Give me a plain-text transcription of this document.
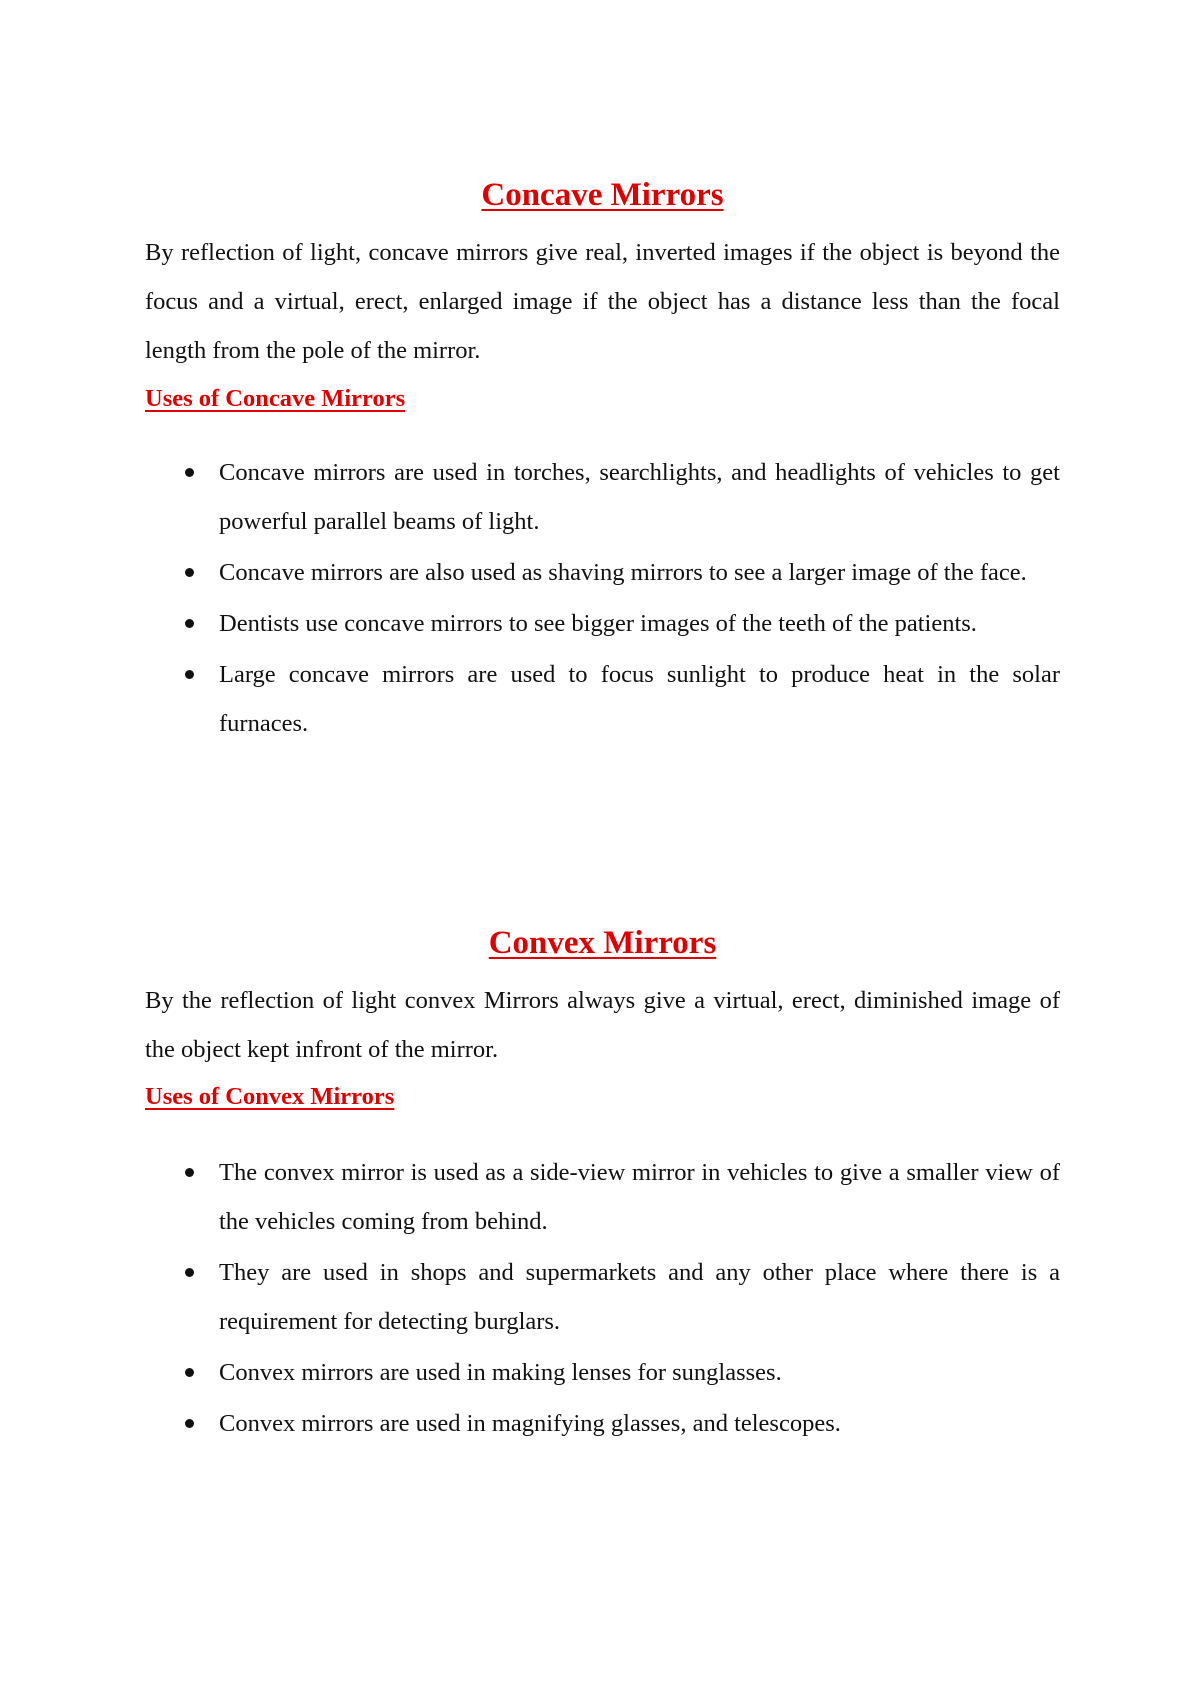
Concave Mirrors

By reflection of light, concave mirrors give real, inverted images if the object is beyond the focus and a virtual, erect, enlarged image if the object has a distance less than the focal length from the pole of the mirror.

Uses of Concave Mirrors
Concave mirrors are used in torches, searchlights, and headlights of vehicles to get powerful parallel beams of light.
Concave mirrors are also used as shaving mirrors to see a larger image of the face.
Dentists use concave mirrors to see bigger images of the teeth of the patients.
Large concave mirrors are used to focus sunlight to produce heat in the solar furnaces.
Convex Mirrors

By the reflection of light convex Mirrors always give a virtual, erect, diminished image of the object kept infront of the mirror.

Uses of Convex Mirrors
The convex mirror is used as a side-view mirror in vehicles to give a smaller view of the vehicles coming from behind.
They are used in shops and supermarkets and any other place where there is a requirement for detecting burglars.
Convex mirrors are used in making lenses for sunglasses.
Convex mirrors are used in magnifying glasses, and telescopes.
